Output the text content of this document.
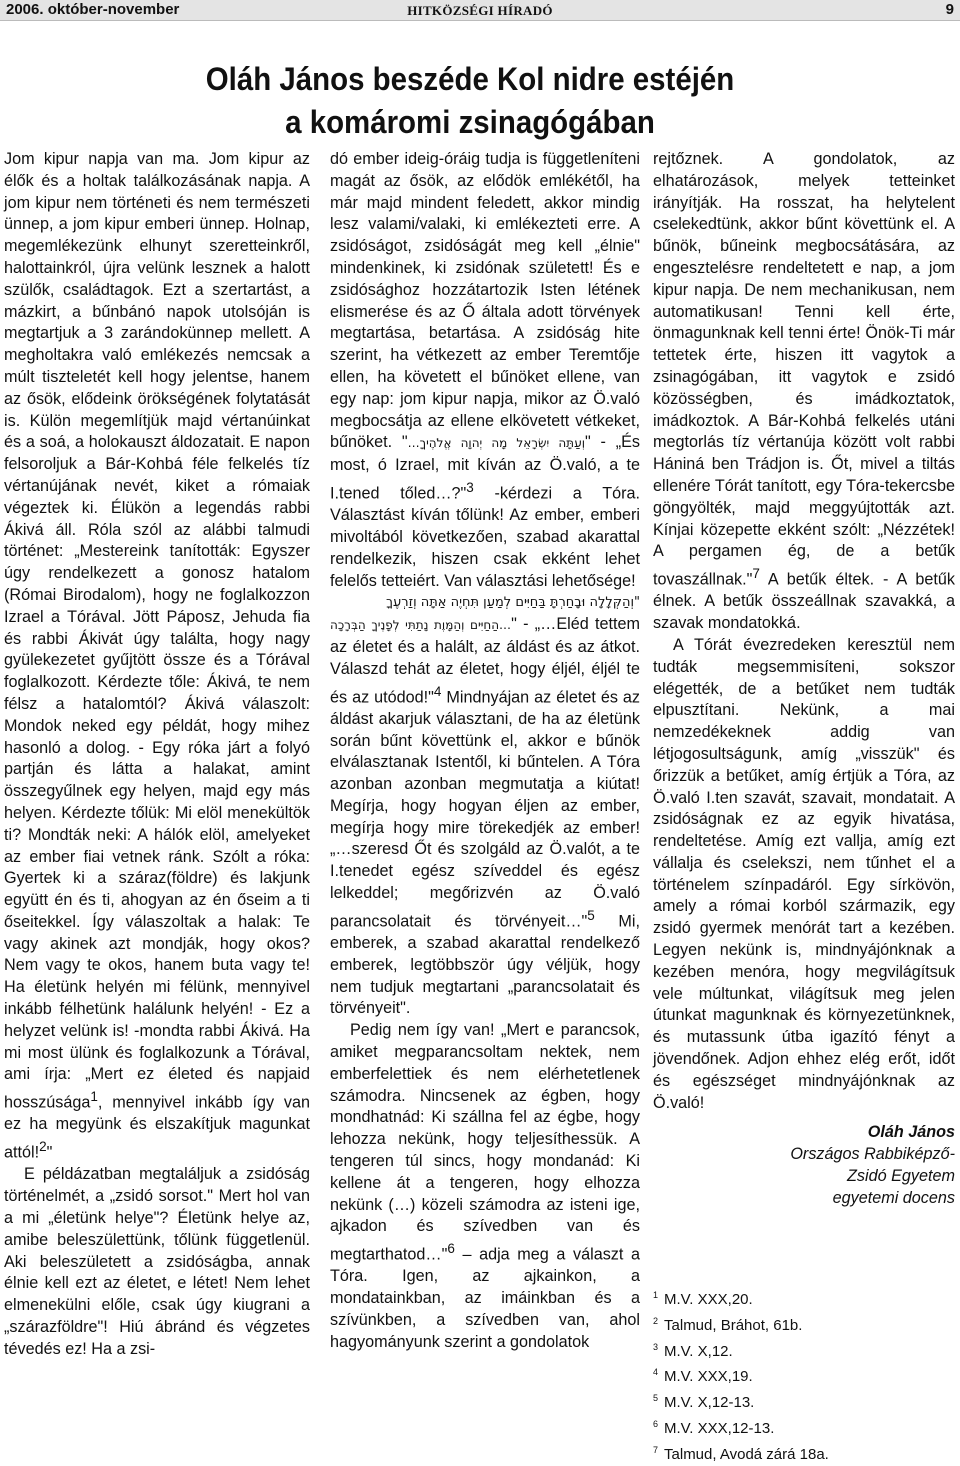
2006. október-november	HITKÖZSÉGI HÍRADÓ	9
Oláh János beszéde Kol nidre estéjén
a komáromi zsinagógában

Jom kipur napja van ma. Jom kipur az élők és a holtak találkozásának napja. A jom kipur nem történeti és nem természeti ünnep, a jom kipur emberi ünnep. Holnap, megemlékezünk elhunyt szeretteinkről, halottainkról, újra velünk lesznek a halott szülők, családtagok. Ezt a szertartást, a mázkirt, a bűnbánó napok utolsóján is megtartjuk a 3 zarándokünnep mellett. A megholtakra való emlékezés nemcsak a múlt tiszteletét kell hogy jelentse, hanem az ősök, elődeink örökségének folytatását is. Külön megemlítjük majd vértanúinkat és a soá, a holokauszt áldozatait. E napon felsoroljuk a Bár-Kohbá féle felkelés tíz vértanújának nevét, kiket a rómaiak végeztek ki. Élükön a legendás rabbi Ákivá áll. Róla szól az alábbi talmudi történet: „Mestereink tanították: Egyszer úgy rendelkezett a gonosz hatalom (Római Birodalom), hogy ne foglalkozzon Izrael a Tórával. Jött Páposz, Jehuda fia és rabbi Ákivát úgy találta, hogy nagy gyülekezetet gyűjtött össze és a Tórával foglalkozott. Kérdezte tőle: Ákivá, te nem félsz a hatalomtól? Ákivá válaszolt: Mondok neked egy példát, hogy mihez hasonló a dolog. - Egy róka járt a folyó partján és látta a halakat, amint összegyűlnek egy helyen, majd egy más helyen. Kérdezte tőlük: Mi elöl menekültök ti? Mondták neki: A hálók elöl, amelyeket az ember fiai vetnek ránk. Szólt a róka: Gyertek ki a száraz(földre) és lakjunk együtt én és ti, ahogyan az én őseim a ti őseitekkel. Így válaszoltak a halak: Te vagy akinek azt mondják, hogy okos? Nem vagy te okos, hanem buta vagy te! Ha életünk helyén mi félünk, mennyivel inkább félhetünk halálunk helyén! - Ez a helyzet velünk is! -mondta rabbi Ákivá. Ha mi most ülünk és foglalkozunk a Tórával, ami írja: „Mert ez életed és napjaid hosszúsága$^1$, mennyivel inkább így van ez ha megyünk és elszakítjuk magunkat attól!$^2$"

E példázatban megtaláljuk a zsidóság történelmét, a „zsidó sorsot." Mert hol van a mi „életünk helye"? Életünk helye az, amibe beleszülettünk, tőlünk függetlenül. Aki beleszületett a zsidóságba, annak élnie kell ezt az életet, e létet! Nem lehet elmenekülni előle, csak úgy kiugrani a „szárazföldre"! Hiú ábránd és végzetes tévedés ez! Ha a zsi-

dó ember ideig-óráig tudja is függetleníteni magát az ősök, az elődök emlékétől, ha már majd mindent feledett, akkor mindig lesz valami/valaki, ki emlékezteti erre. A zsidóságot, zsidóságát meg kell „élnie" mindenkinek, ki zsidónak született! És e zsidósághoz hozzátartozik Isten létének elismerése és az Ő általa adott törvények megtartása, betartása. A zsidóság hite szerint, ha vétkezett az ember Teremtője ellen, ha követett el bűnöket ellene, van egy nap: jom kipur napja, mikor az Ö.való megbocsátja az ellene elkövetett vétkeket, bűnöket. "וְעַתָּה יִשְׂרָאֵל מָה יְהוָה אֱלֹהֶיךָ…" - „És most, ó Izrael, mit kíván az Ö.való, a te I.tened tőled…?"$^3$ -kérdezi a Tóra. Választást kíván tőlünk! Az ember, emberi mivoltából következően, szabad akarattal rendelkezik, hiszen csak ekként lehet felelős tetteiért. Van választási lehetősége!

"וְהַקְּלָלָה וּבָחַרְתָּ בַּחַיִּים לְמַעַן תִּחְיֶה אַתָּה וְזַרְעֶךָ

…הַחַיִּים וְהַמָּוֶת נָתַתִּי לְפָנֶיךָ הַבְּרָכָה" - „…Eléd tettem az életet és a halált, az áldást és az átkot. Válaszd tehát az életet, hogy éljél, éljél te és az utódod!"$^4$ Mindnyájan az életet és az áldást akarjuk választani, de ha az életünk során bűnt követtünk el, akkor e bűnök elválasztanak Istentől, ki bűntelen. A Tóra azonban azonban megmutatja a kiútat! Megírja, hogy hogyan éljen az ember, megírja hogy mire törekedjék az ember! „…szeresd Őt és szolgáld az Ö.valót, a te I.tenedet egész szíveddel és egész lelkeddel; megőrizvén az Ö.való parancsolatait és törvényeit…"$^5$ Mi, emberek, a szabad akarattal rendelkező emberek, legtöbbször úgy véljük, hogy nem tudjuk megtartani „parancsolatait és törvényeit".

Pedig nem így van! „Mert e parancsok, amiket megparancsoltam nektek, nem emberfelettiek és nem elérhetetlenek számodra. Nincsenek az égben, hogy mondhatnád: Ki szállna fel az égbe, hogy lehozza nekünk, hogy teljesíthessük. A tengeren túl sincs, hogy mondanád: Ki kellene át a tengeren, hogy elhozza nekünk (…) közeli számodra az isteni ige, ajkadon és szívedben van és megtarthatod…"$^6$ – adja meg a választ a Tóra. Igen, az ajkainkon, a mondatainkban, az imáinkban és a szívünkben, a szívedben van, ahol hagyományunk szerint a gondolatok

rejtőznek. A gondolatok, az elhatározások, melyek tetteinket irányítják. Ha rosszat, ha helytelent cselekedtünk, akkor bűnt követtünk el. A bűnök, bűneink megbocsátására, az engesztelésre rendeltetett e nap, a jom kipur napja. De nem mechanikusan, nem automatikusan! Tenni kell érte, önmagunknak kell tenni érte! Önök-Ti már tettetek érte, hiszen itt vagytok a zsinagógában, itt vagytok e zsidó közösségben, és imádkoztatok, imádkoztok. A Bár-Kohbá felkelés utáni megtorlás tíz vértanúja között volt rabbi Hániná ben Trádjon is. Őt, mivel a tiltás ellenére Tórát tanított, egy Tóra-tekercsbe göngyölték, majd meggyújtották azt. Kínjai közepette ekként szólt: „Nézzétek! A pergamen ég, de a betűk tovaszállnak."$^7$ A betűk éltek. - A betűk élnek. A betűk összeállnak szavakká, a szavak mondatokká.

A Tórát évezredeken keresztül nem tudták megsemmisíteni, sokszor elégették, de a betűket nem tudták elpusztítani. Nekünk, a mai nemzedékeknek addig van létjogosultságunk, amíg „visszük" és őrizzük a betűket, amíg értjük a Tóra, az Ö.való I.ten szavát, szavait, mondatait. A zsidóságnak ez az egyik hivatása, rendeltetése. Amíg ezt vallja, amíg ezt vállalja és cselekszi, nem tűnhet el a történelem színpadáról. Egy sírkövön, amely a római korból származik, egy zsidó gyermek menórát tart a kezében. Legyen nekünk is, mindnyájónknak a kezében menóra, hogy megvilágítsuk vele múltunkat, világítsuk meg jelen útunkat magunknak és környezetünknek, és mutassunk útba igazító fényt a jövendőnek. Adjon ehhez elég erőt, időt és egészséget mindnyájónknak az Ö.való!

Oláh János
Országos Rabbiképző-
Zsidó Egyetem
egyetemi docens
$^1$ M.V. XXX,20.
$^2$ Talmud, Bráhot, 61b.
$^3$ M.V. X,12.
$^4$ M.V. XXX,19.
$^5$ M.V. X,12-13.
$^6$ M.V. XXX,12-13.
$^7$ Talmud, Avodá zárá 18a.
